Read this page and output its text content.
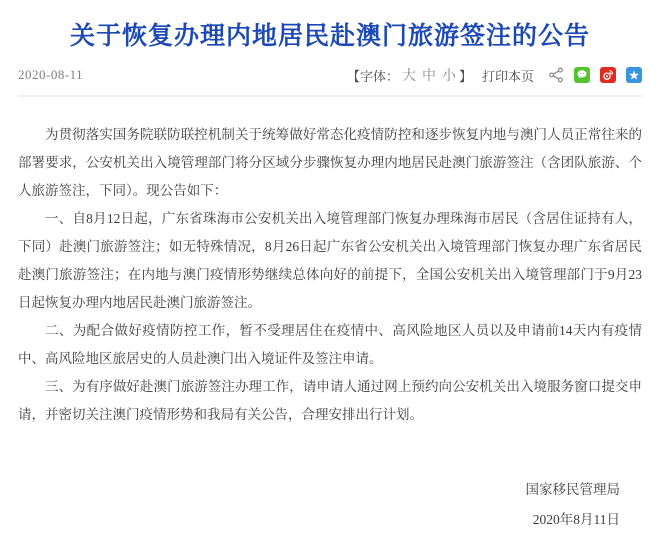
关于恢复办理内地居民赴澳门旅游签注的公告
2020-08-11	【字体： 大 中 小 】 打印本页

为贯彻落实国务院联防联控机制关于统筹做好常态化疫情防控和逐步恢复内地与澳门人员正常往来的部署要求，公安机关出入境管理部门将分区域分步骤恢复办理内地居民赴澳门旅游签注（含团队旅游、个人旅游签注，下同）。现公告如下：

一、自8月12日起，广东省珠海市公安机关出入境管理部门恢复办理珠海市居民（含居住证持有人，下同）赴澳门旅游签注；如无特殊情况，8月26日起广东省公安机关出入境管理部门恢复办理广东省居民赴澳门旅游签注；在内地与澳门疫情形势继续总体向好的前提下，全国公安机关出入境管理部门于9月23日起恢复办理内地居民赴澳门旅游签注。

二、为配合做好疫情防控工作，暂不受理居住在疫情中、高风险地区人员以及申请前14天内有疫情中、高风险地区旅居史的人员赴澳门出入境证件及签注申请。

三、为有序做好赴澳门旅游签注办理工作，请申请人通过网上预约向公安机关出入境服务窗口提交申请，并密切关注澳门疫情形势和我局有关公告，合理安排出行计划。

国家移民管理局

2020年8月11日
